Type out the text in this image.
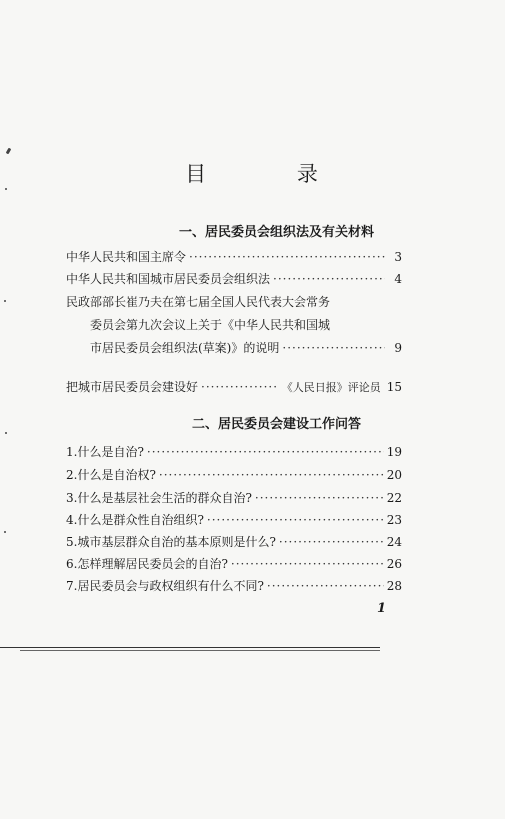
目 录
一、居民委员会组织法及有关材料
中华人民共和国主席令 ·····	3
中华人民共和国城市居民委员会组织法 ·····	4
民政部部长崔乃夫在第七届全国人民代表大会常务
委员会第九次会议上关于《中华人民共和国城
市居民委员会组织法(草案)》的说明 ·····	9
把城市居民委员会建设好 ·····	《人民日报》评论员 15
二、居民委员会建设工作问答
1.什么是自治? ·····	19
2.什么是自治权? ·····	20
3.什么是基层社会生活的群众自治? ·····	22
4.什么是群众性自治组织? ·····	23
5.城市基层群众自治的基本原则是什么? ·····	24
6.怎样理解居民委员会的自治? ·····	26
7.居民委员会与政权组织有什么不同? ·····	28
1
